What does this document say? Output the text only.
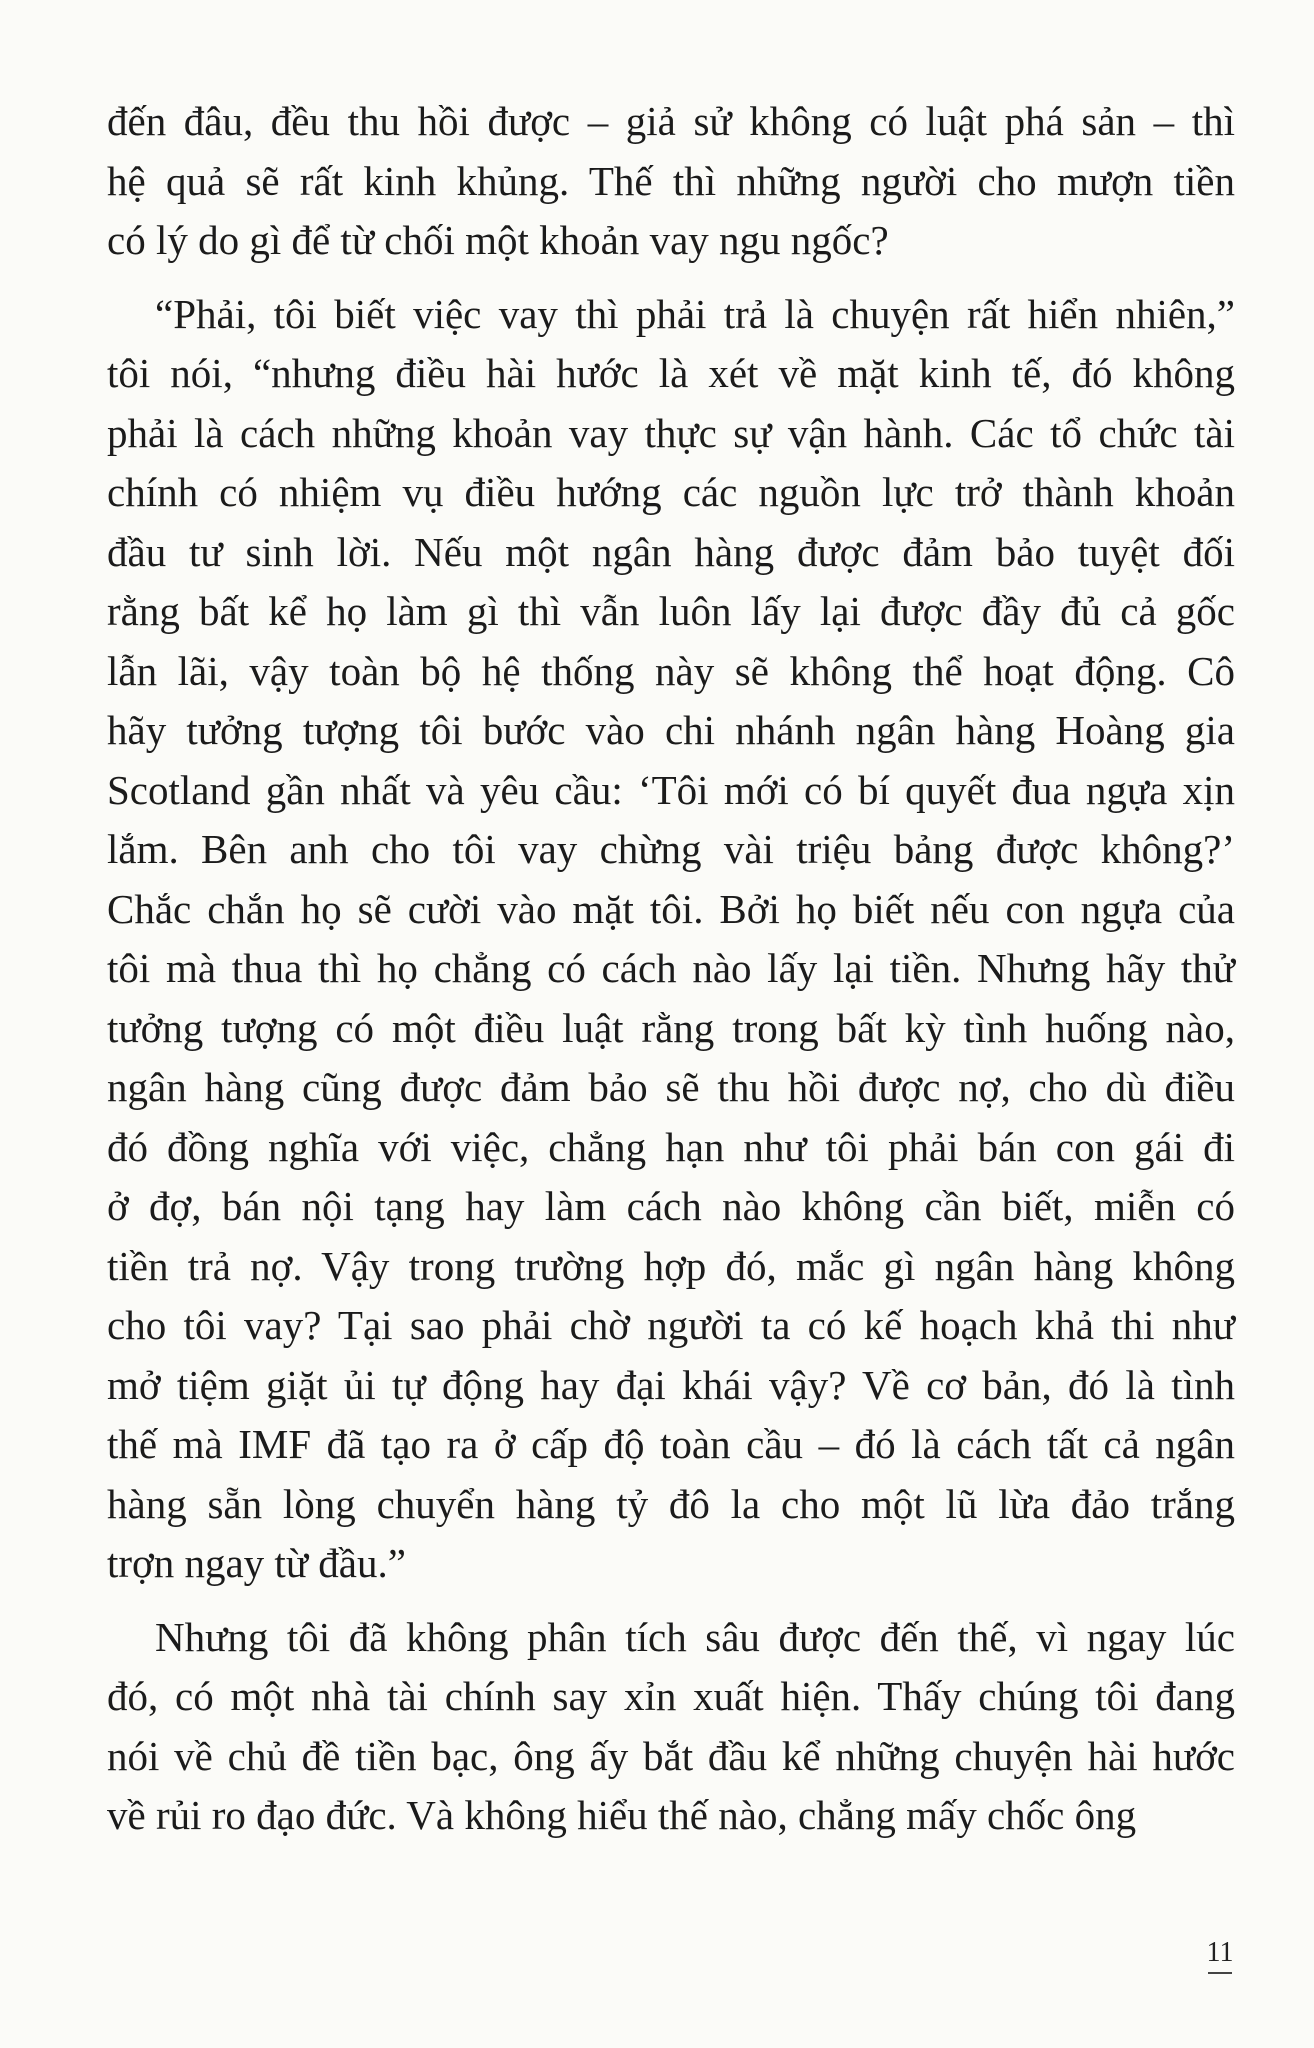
đến đâu, đều thu hồi được – giả sử không có luật phá sản – thì
hệ quả sẽ rất kinh khủng. Thế thì những người cho mượn tiền
có lý do gì để từ chối một khoản vay ngu ngốc?
“Phải, tôi biết việc vay thì phải trả là chuyện rất hiển nhiên,”
tôi nói, “nhưng điều hài hước là xét về mặt kinh tế, đó không
phải là cách những khoản vay thực sự vận hành. Các tổ chức tài
chính có nhiệm vụ điều hướng các nguồn lực trở thành khoản
đầu tư sinh lời. Nếu một ngân hàng được đảm bảo tuyệt đối
rằng bất kể họ làm gì thì vẫn luôn lấy lại được đầy đủ cả gốc
lẫn lãi, vậy toàn bộ hệ thống này sẽ không thể hoạt động. Cô
hãy tưởng tượng tôi bước vào chi nhánh ngân hàng Hoàng gia
Scotland gần nhất và yêu cầu: ‘Tôi mới có bí quyết đua ngựa xịn
lắm. Bên anh cho tôi vay chừng vài triệu bảng được không?’
Chắc chắn họ sẽ cười vào mặt tôi. Bởi họ biết nếu con ngựa của
tôi mà thua thì họ chẳng có cách nào lấy lại tiền. Nhưng hãy thử
tưởng tượng có một điều luật rằng trong bất kỳ tình huống nào,
ngân hàng cũng được đảm bảo sẽ thu hồi được nợ, cho dù điều
đó đồng nghĩa với việc, chẳng hạn như tôi phải bán con gái đi
ở đợ, bán nội tạng hay làm cách nào không cần biết, miễn có
tiền trả nợ. Vậy trong trường hợp đó, mắc gì ngân hàng không
cho tôi vay? Tại sao phải chờ người ta có kế hoạch khả thi như
mở tiệm giặt ủi tự động hay đại khái vậy? Về cơ bản, đó là tình
thế mà IMF đã tạo ra ở cấp độ toàn cầu – đó là cách tất cả ngân
hàng sẵn lòng chuyển hàng tỷ đô la cho một lũ lừa đảo trắng
trợn ngay từ đầu.”
Nhưng tôi đã không phân tích sâu được đến thế, vì ngay lúc
đó, có một nhà tài chính say xỉn xuất hiện. Thấy chúng tôi đang
nói về chủ đề tiền bạc, ông ấy bắt đầu kể những chuyện hài hước
về rủi ro đạo đức. Và không hiểu thế nào, chẳng mấy chốc ông
11
